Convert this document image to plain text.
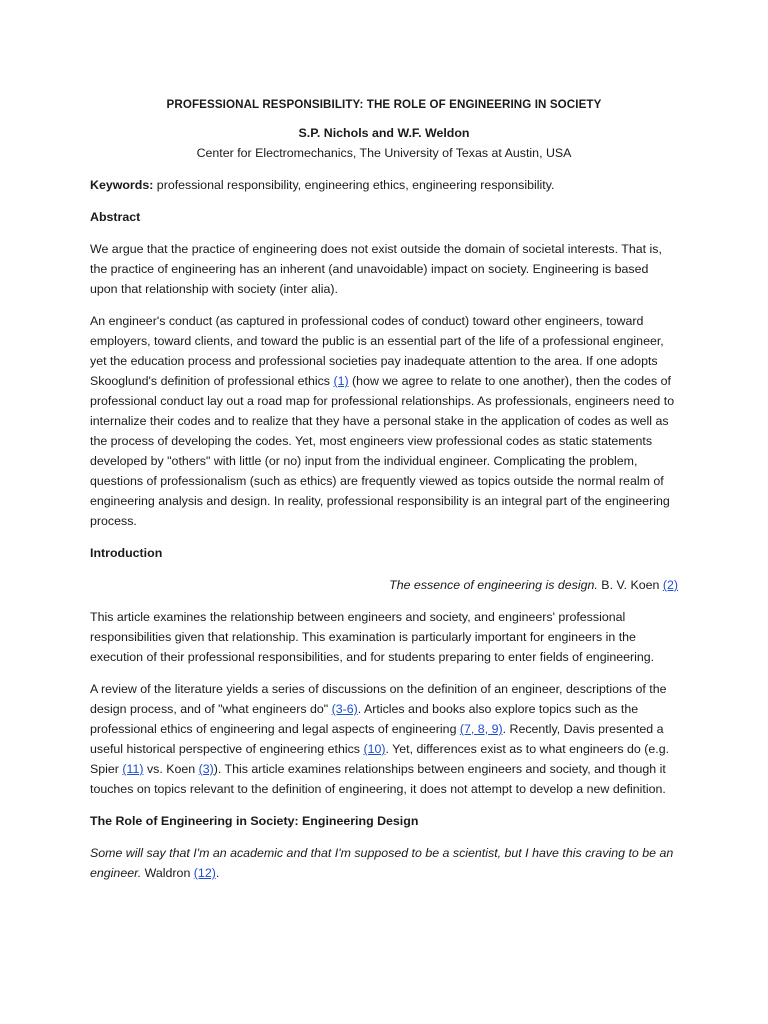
PROFESSIONAL RESPONSIBILITY: THE ROLE OF ENGINEERING IN SOCIETY
S.P. Nichols and W.F. Weldon
Center for Electromechanics, The University of Texas at Austin, USA

Keywords: professional responsibility, engineering ethics, engineering responsibility.

Abstract

We argue that the practice of engineering does not exist outside the domain of societal interests. That is, the practice of engineering has an inherent (and unavoidable) impact on society. Engineering is based upon that relationship with society (inter alia).

An engineer's conduct (as captured in professional codes of conduct) toward other engineers, toward employers, toward clients, and toward the public is an essential part of the life of a professional engineer, yet the education process and professional societies pay inadequate attention to the area. If one adopts Skooglund's definition of professional ethics (1) (how we agree to relate to one another), then the codes of professional conduct lay out a road map for professional relationships. As professionals, engineers need to internalize their codes and to realize that they have a personal stake in the application of codes as well as the process of developing the codes. Yet, most engineers view professional codes as static statements developed by "others" with little (or no) input from the individual engineer. Complicating the problem, questions of professionalism (such as ethics) are frequently viewed as topics outside the normal realm of engineering analysis and design. In reality, professional responsibility is an integral part of the engineering process.

Introduction
The essence of engineering is design. B. V. Koen (2)

This article examines the relationship between engineers and society, and engineers' professional responsibilities given that relationship. This examination is particularly important for engineers in the execution of their professional responsibilities, and for students preparing to enter fields of engineering.

A review of the literature yields a series of discussions on the definition of an engineer, descriptions of the design process, and of "what engineers do" (3-6). Articles and books also explore topics such as the professional ethics of engineering and legal aspects of engineering (7, 8, 9). Recently, Davis presented a useful historical perspective of engineering ethics (10). Yet, differences exist as to what engineers do (e.g. Spier (11) vs. Koen (3)). This article examines relationships between engineers and society, and though it touches on topics relevant to the definition of engineering, it does not attempt to develop a new definition.

The Role of Engineering in Society: Engineering Design

Some will say that I'm an academic and that I'm supposed to be a scientist, but I have this craving to be an engineer. Waldron (12).
